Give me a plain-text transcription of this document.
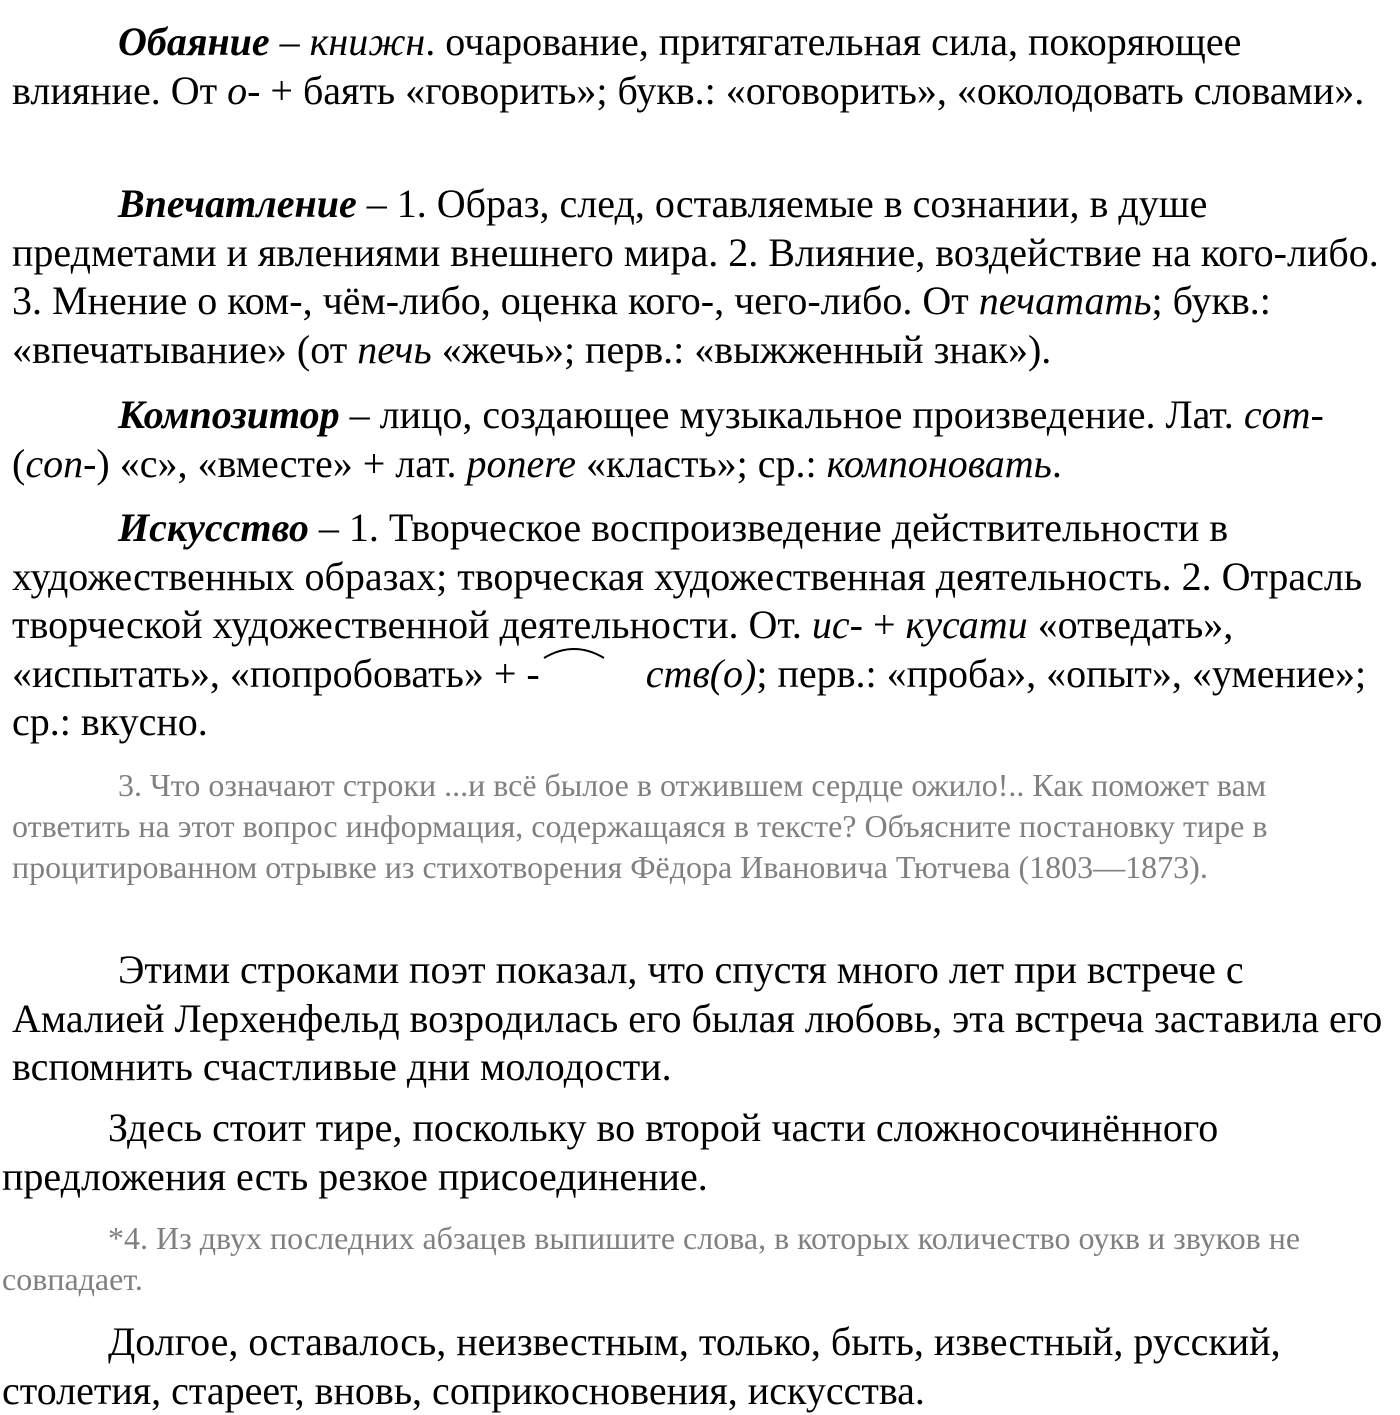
Обаяние – книжн. очарование, притягательная сила, покоряющее влияние. От о- + баять «говорить»; букв.: «оговорить», «околодовать словами».

Впечатление – 1. Образ, след, оставляемые в сознании, в душе предметами и явлениями внешнего мира. 2. Влияние, воздействие на кого-либо. 3. Мнение о ком-, чём-либо, оценка кого-, чего-либо. От печатать; букв.: «впечатывание» (от печь «жечь»; перв.: «выжженный знак»).

Композитор – лицо, создающее музыкальное произведение. Лат. com- (con-) «с», «вместе» + лат. ponere «класть»; ср.: компоновать.

Искусство – 1. Творческое воспроизведение действительности в художественных образах; творческая художественная деятельность. 2. Отрасль творческой художественной деятельности. От. ис- + кусати «отведать», «испытать», «попробовать» + -	ств(о); перв.: «проба», «опыт», «умение»; ср.: вкусно.

3. Что означают строки ...и всё былое в отжившем сердце ожило!.. Как поможет вам ответить на этот вопрос информация, содержащаяся в тексте? Объясните постановку тире в процитированном отрывке из стихотворения Фёдора Ивановича Тютчева (1803—1873).

Этими строками поэт показал, что спустя много лет при встрече с Амалией Лерхенфельд возродилась его былая любовь, эта встреча заставила его вспомнить счастливые дни молодости.

Здесь стоит тире, поскольку во второй части сложносочинённого предложения есть резкое присоединение.

*4. Из двух последних абзацев выпишите слова, в которых количество оукв и звуков не совпадает.

Долгое, оставалось, неизвестным, только, быть, известный, русский, столетия, стареет, вновь, соприкосновения, искусства.
